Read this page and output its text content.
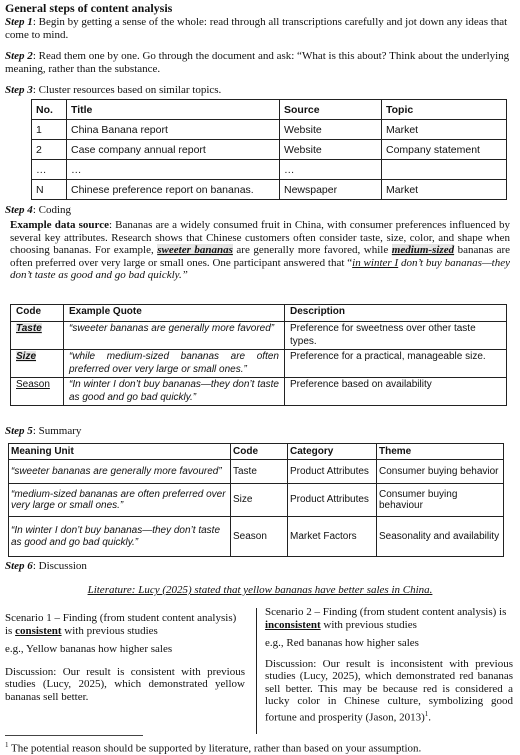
General steps of content analysis

Step 1: Begin by getting a sense of the whole: read through all transcriptions carefully and jot down any ideas that come to mind.

Step 2: Read them one by one. Go through the document and ask: “What is this about? Think about the underlying meaning, rather than the substance.

Step 3: Cluster resources based on similar topics.

No.	Title	Source	Topic
1	China Banana report	Website	Market
2	Case company annual report	Website	Company statement
…	…	…	
N	Chinese preference report on bananas.	Newspaper	Market

Step 4: Coding

Example data source: Bananas are a widely consumed fruit in China, with consumer preferences influenced by several key attributes. Research shows that Chinese customers often consider taste, size, color, and shape when choosing bananas. For example, sweeter bananas are generally more favored, while medium-sized bananas are often preferred over very large or small ones. One participant answered that “in winter I don’t buy bananas—they don’t taste as good and go bad quickly.”

Code	Example Quote	Description
Taste	“sweeter bananas are generally more favored”	Preference for sweetness over other taste types.
Size	“while medium-sized bananas are often preferred over very large or small ones.”	Preference for a practical, manageable size.
Season	“In winter I don’t buy bananas—they don’t taste as good and go bad quickly.”	Preference based on availability

Step 5: Summary

Meaning Unit	Code	Category	Theme
“sweeter bananas are generally more favoured”	Taste	Product Attributes	Consumer buying behavior
“medium-sized bananas are often preferred over very large or small ones.”	Size	Product Attributes	Consumer buying behaviour
“In winter I don’t buy bananas—they don’t taste as good and go bad quickly.”	Season	Market Factors	Seasonality and availability

Step 6: Discussion

Literature: Lucy (2025) stated that yellow bananas have better sales in China.

Scenario 1 – Finding (from student content analysis) is consistent with previous studies

e.g., Yellow bananas how higher sales

Discussion: Our result is consistent with previous studies (Lucy, 2025), which demonstrated yellow bananas sell better.

Scenario 2 – Finding (from student content analysis) is inconsistent with previous studies

e.g., Red bananas how higher sales

Discussion: Our result is inconsistent with previous studies (Lucy, 2025), which demonstrated red bananas sell better. This may be because red is considered a lucky color in Chinese culture, symbolizing good fortune and prosperity (Jason, 2013)$^1$.

$^1$ The potential reason should be supported by literature, rather than based on your assumption.
